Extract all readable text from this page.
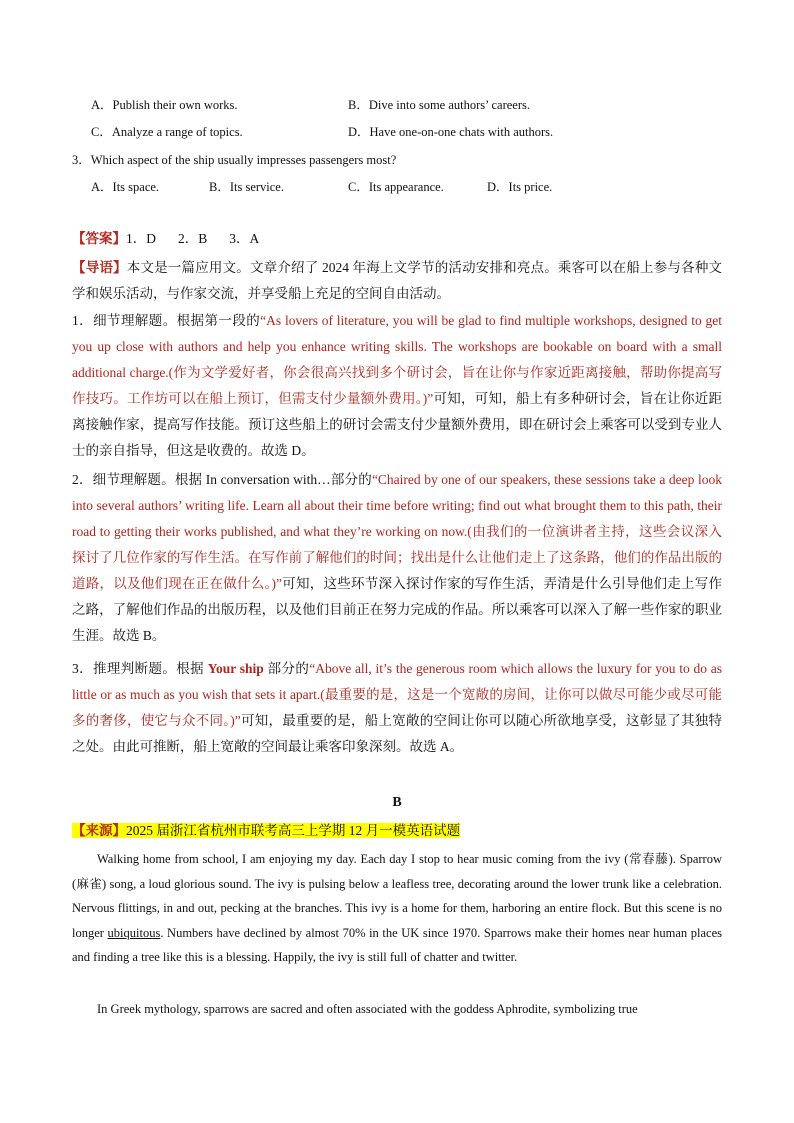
A．Publish their own works.	B．Dive into some authors’ careers.
C．Analyze a range of topics.	D．Have one-on-one chats with authors.
3．Which aspect of the ship usually impresses passengers most?
A．Its space.	B．Its service.	C．Its appearance.	D．Its price.
【答案】1．D 2．B 3．A
【导语】本文是一篇应用文。文章介绍了 2024 年海上文学节的活动安排和亮点。乘客可以在船上参与各种文学和娱乐活动，与作家交流，并享受船上充足的空间自由活动。
1．细节理解题。根据第一段的“As lovers of literature, you will be glad to find multiple workshops, designed to get you up close with authors and help you enhance writing skills. The workshops are bookable on board with a small additional charge.(作为文学爱好者，你会很高兴找到多个研讨会，旨在让你与作家近距离接触，帮助你提高写作技巧。工作坊可以在船上预订，但需支付少量额外费用。)”可知，可知，船上有多种研讨会，旨在让你近距离接触作家，提高写作技能。预订这些船上的研讨会需支付少量额外费用，即在研讨会上乘客可以受到专业人士的亲自指导，但这是收费的。故选 D。
2．细节理解题。根据 In conversation with…部分的“Chaired by one of our speakers, these sessions take a deep look into several authors’ writing life. Learn all about their time before writing; find out what brought them to this path, their road to getting their works published, and what they’re working on now.(由我们的一位演讲者主持，这些会议深入探讨了几位作家的写作生活。在写作前了解他们的时间；找出是什么让他们走上了这条路，他们的作品出版的道路，以及他们现在正在做什么。)”可知，这些环节深入探讨作家的写作生活，弄清是什么引导他们走上写作之路，了解他们作品的出版历程，以及他们目前正在努力完成的作品。所以乘客可以深入了解一些作家的职业生涯。故选 B。
3．推理判断题。根据 Your ship 部分的“Above all, it’s the generous room which allows the luxury for you to do as little or as much as you wish that sets it apart.(最重要的是，这是一个宽敞的房间，让你可以做尽可能少或尽可能多的奢侈，使它与众不同。)”可知，最重要的是，船上宽敞的空间让你可以随心所欲地享受，这彰显了其独特之处。由此可推断，船上宽敞的空间最让乘客印象深刻。故选 A。
B
【来源】2025 届浙江省杭州市联考高三上学期 12 月一模英语试题
Walking home from school, I am enjoying my day. Each day I stop to hear music coming from the ivy (常春藤). Sparrow (麻雀) song, a loud glorious sound. The ivy is pulsing below a leafless tree, decorating around the lower trunk like a celebration. Nervous flittings, in and out, pecking at the branches. This ivy is a home for them, harboring an entire flock. But this scene is no longer ubiquitous. Numbers have declined by almost 70% in the UK since 1970. Sparrows make their homes near human places and finding a tree like this is a blessing. Happily, the ivy is still full of chatter and twitter.
In Greek mythology, sparrows are sacred and often associated with the goddess Aphrodite, symbolizing true
